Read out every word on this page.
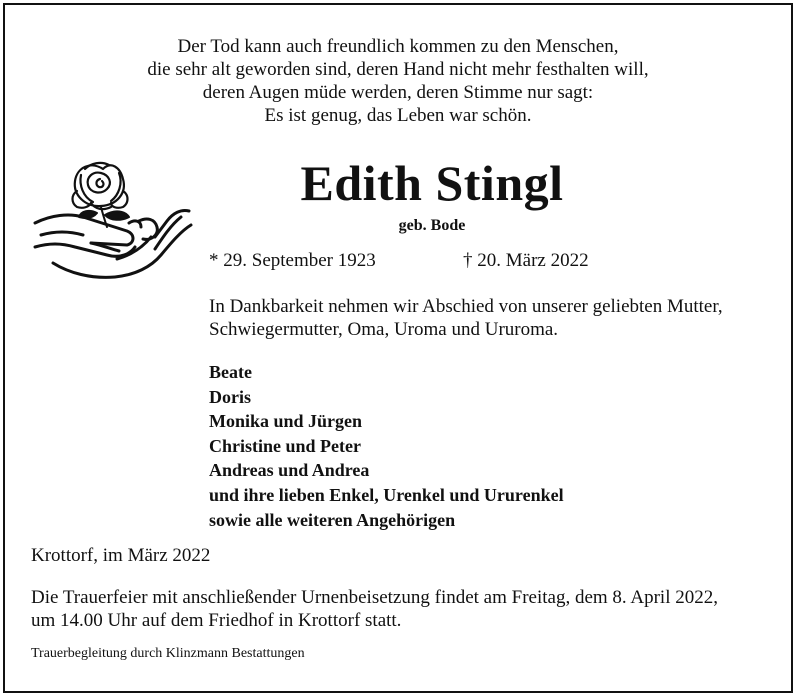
Der Tod kann auch freundlich kommen zu den Menschen,
die sehr alt geworden sind, deren Hand nicht mehr festhalten will,
deren Augen müde werden, deren Stimme nur sagt:
Es ist genug, das Leben war schön.
Edith Stingl
geb. Bode
* 29. September 1923	† 20. März 2022
In Dankbarkeit nehmen wir Abschied von unserer geliebten Mutter,
Schwiegermutter, Oma, Uroma und Ururoma.
Beate
Doris
Monika und Jürgen
Christine und Peter
Andreas und Andrea
und ihre lieben Enkel, Urenkel und Ururenkel
sowie alle weiteren Angehörigen
Krottorf, im März 2022
Die Trauerfeier mit anschließender Urnenbeisetzung findet am Freitag, dem 8. April 2022,
um 14.00 Uhr auf dem Friedhof in Krottorf statt.
Trauerbegleitung durch Klinzmann Bestattungen
